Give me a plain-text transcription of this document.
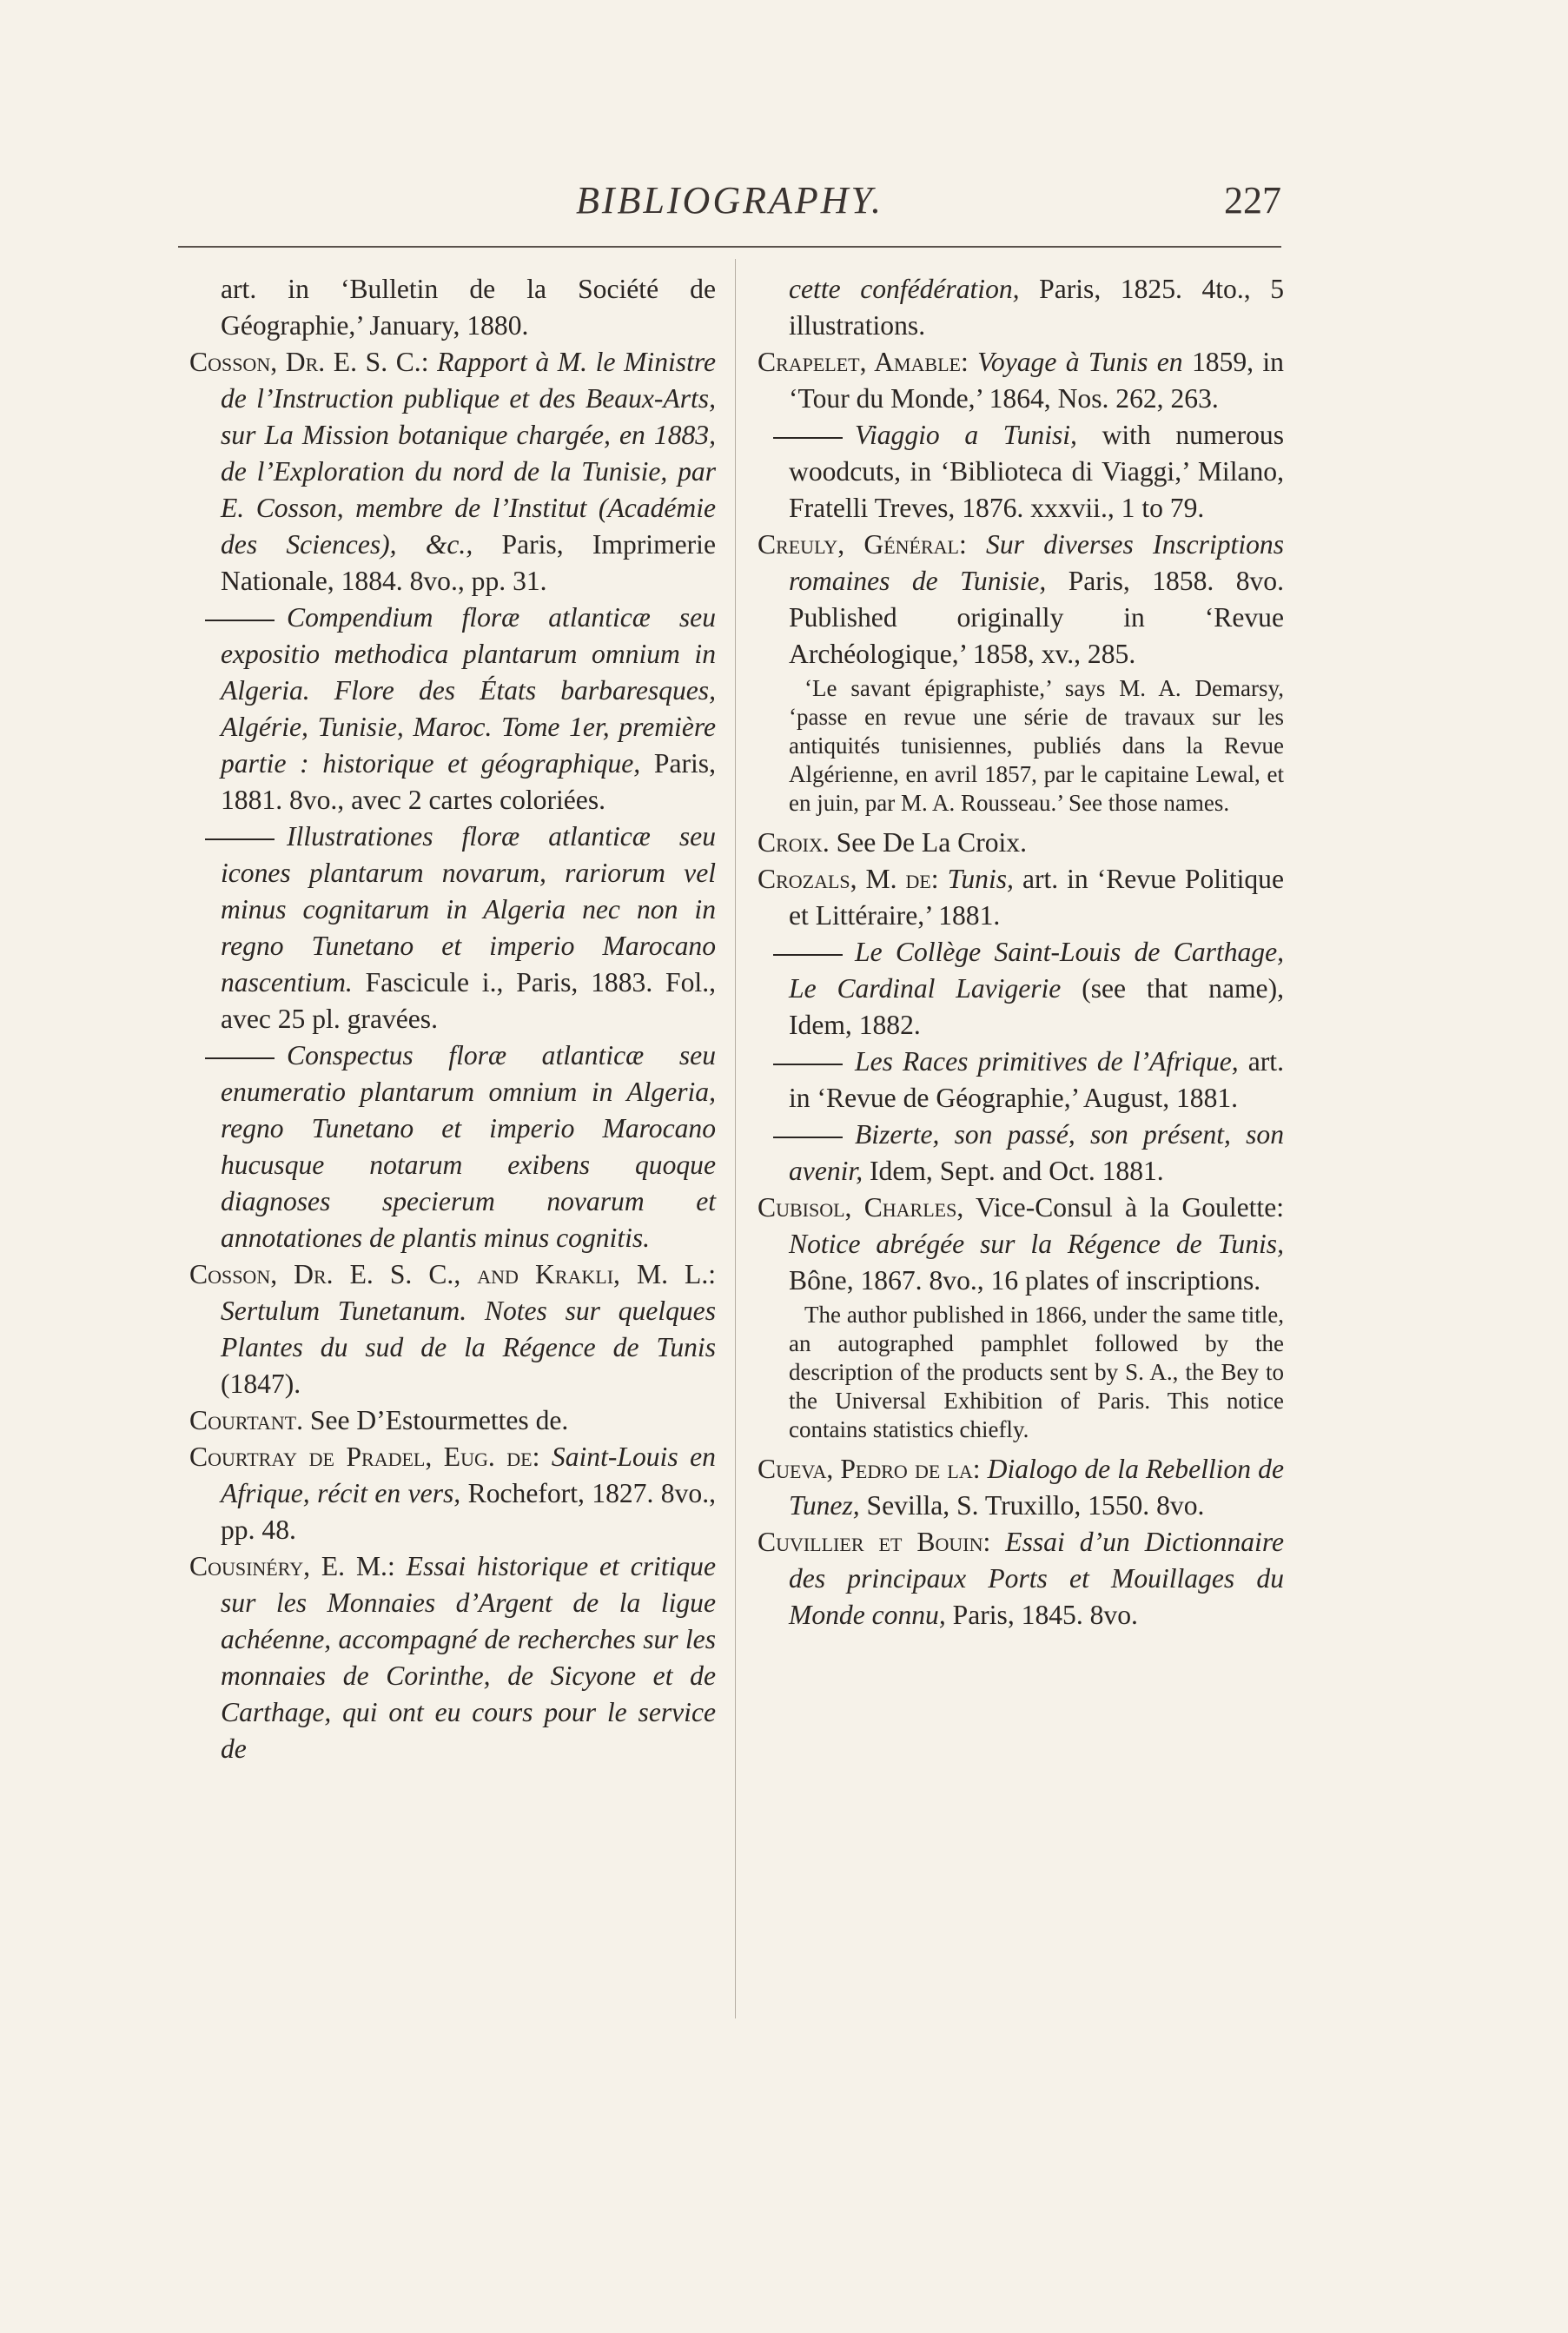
BIBLIOGRAPHY.	227
art. in ‘Bulletin de la Société de Géographie,’ January, 1880.
Cosson, Dr. E. S. C.: Rapport à M. le Ministre de l’Instruction publique et des Beaux-Arts, sur La Mission botanique chargée, en 1883, de l’Exploration du nord de la Tunisie, par E. Cosson, membre de l’Institut (Académie des Sciences), &c., Paris, Imprimerie Nationale, 1884. 8vo., pp. 31.
Compendium floræ atlanticæ seu expositio methodica plantarum omnium in Algeria. Flore des États barbaresques, Algérie, Tunisie, Maroc. Tome 1er, première partie : historique et géographique, Paris, 1881. 8vo., avec 2 cartes coloriées.
Illustrationes floræ atlanticæ seu icones plantarum novarum, rariorum vel minus cognitarum in Algeria nec non in regno Tunetano et imperio Marocano nascentium. Fascicule i., Paris, 1883. Fol., avec 25 pl. gravées.
Conspectus floræ atlanticæ seu enumeratio plantarum omnium in Algeria, regno Tunetano et imperio Marocano hucusque notarum exibens quoque diagnoses specierum novarum et annotationes de plantis minus cognitis.
Cosson, Dr. E. S. C., and Krakli, M. L.: Sertulum Tunetanum. Notes sur quelques Plantes du sud de la Régence de Tunis (1847).
Courtant. See D’Estourmettes de.
Courtray de Pradel, Eug. de: Saint-Louis en Afrique, récit en vers, Rochefort, 1827. 8vo., pp. 48.
Cousinéry, E. M.: Essai historique et critique sur les Monnaies d’Argent de la ligue achéenne, accompagné de recherches sur les monnaies de Corinthe, de Sicyone et de Carthage, qui ont eu cours pour le service de
cette confédération, Paris, 1825. 4to., 5 illustrations.
Crapelet, Amable: Voyage à Tunis en 1859, in ‘Tour du Monde,’ 1864, Nos. 262, 263.
Viaggio a Tunisi, with numerous woodcuts, in ‘Biblioteca di Viaggi,’ Milano, Fratelli Treves, 1876. xxxvii., 1 to 79.
Creuly, Général: Sur diverses Inscriptions romaines de Tunisie, Paris, 1858. 8vo. Published originally in ‘Revue Archéologique,’ 1858, xv., 285.
‘Le savant épigraphiste,’ says M. A. Demarsy, ‘passe en revue une série de travaux sur les antiquités tunisiennes, publiés dans la Revue Algérienne, en avril 1857, par le capitaine Lewal, et en juin, par M. A. Rousseau.’ See those names.
Croix. See De La Croix.
Crozals, M. de: Tunis, art. in ‘Revue Politique et Littéraire,’ 1881.
Le Collège Saint-Louis de Carthage, Le Cardinal Lavigerie (see that name), Idem, 1882.
Les Races primitives de l’Afrique, art. in ‘Revue de Géographie,’ August, 1881.
Bizerte, son passé, son présent, son avenir, Idem, Sept. and Oct. 1881.
Cubisol, Charles, Vice-Consul à la Goulette: Notice abrégée sur la Régence de Tunis, Bône, 1867. 8vo., 16 plates of inscriptions.
The author published in 1866, under the same title, an autographed pamphlet followed by the description of the products sent by S. A., the Bey to the Universal Exhibition of Paris. This notice contains statistics chiefly.
Cueva, Pedro de la: Dialogo de la Rebellion de Tunez, Sevilla, S. Truxillo, 1550. 8vo.
Cuvillier et Bouin: Essai d’un Dictionnaire des principaux Ports et Mouillages du Monde connu, Paris, 1845. 8vo.
